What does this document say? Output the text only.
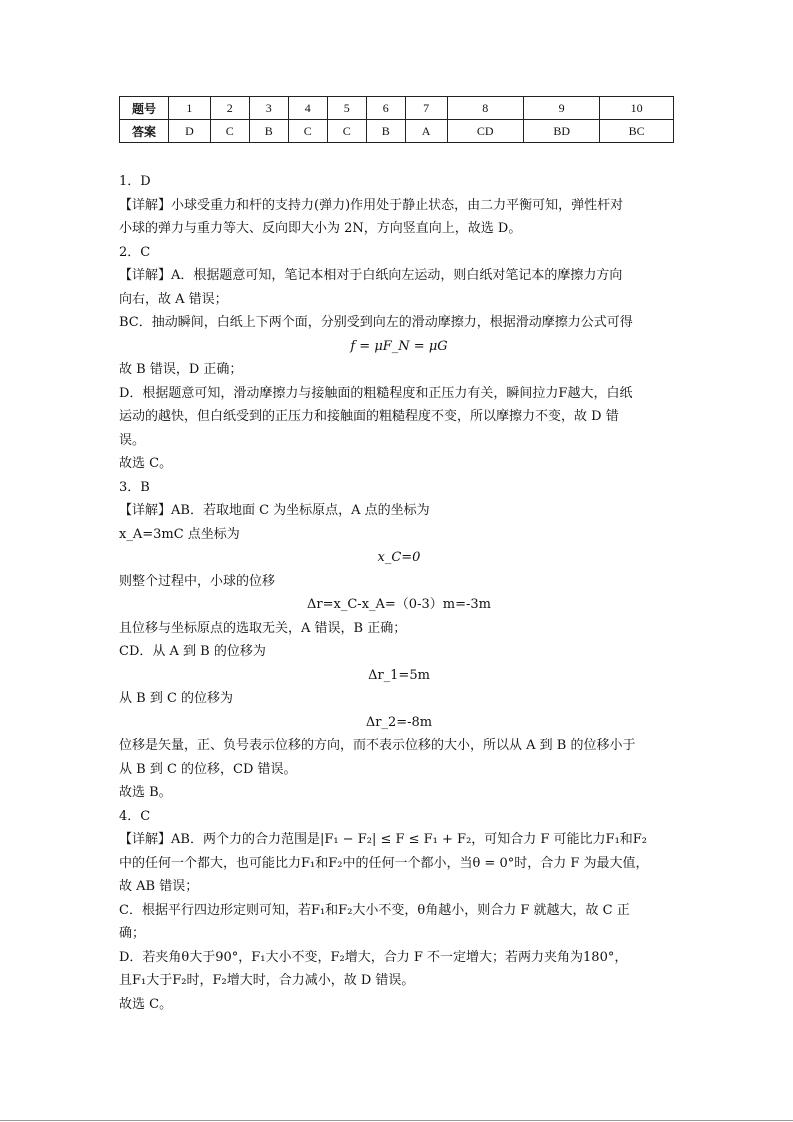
题号	1	2	3	4	5	6	7	8	9	10
答案	D	C	B	C	C	B	A	CD	BD	BC
1．D
【详解】小球受重力和杆的支持力(弹力)作用处于静止状态，由二力平衡可知，弹性杆对
小球的弹力与重力等大、反向即大小为 2N，方向竖直向上，故选 D。
2．C
【详解】A．根据题意可知，笔记本相对于白纸向左运动，则白纸对笔记本的摩擦力方向
向右，故 A 错误；
BC．抽动瞬间，白纸上下两个面，分别受到向左的滑动摩擦力，根据滑动摩擦力公式可得
f = μF_N = μG
故 B 错误，D 正确；
D．根据题意可知，滑动摩擦力与接触面的粗糙程度和正压力有关，瞬间拉力F越大，白纸
运动的越快，但白纸受到的正压力和接触面的粗糙程度不变，所以摩擦力不变，故 D 错
误。
故选 C。
3．B
【详解】AB．若取地面 C 为坐标原点，A 点的坐标为
x_A=3mC 点坐标为
x_C=0
则整个过程中，小球的位移
Δr=x_C-x_A=（0-3）m=-3m
且位移与坐标原点的选取无关，A 错误，B 正确；
CD．从 A 到 B 的位移为
Δr_1=5m
从 B 到 C 的位移为
Δr_2=-8m
位移是矢量，正、负号表示位移的方向，而不表示位移的大小，所以从 A 到 B 的位移小于
从 B 到 C 的位移，CD 错误。
故选 B。
4．C
【详解】AB．两个力的合力范围是|F₁ − F₂| ≤ F ≤ F₁ + F₂，可知合力 F 可能比力F₁和F₂
中的任何一个都大，也可能比力F₁和F₂中的任何一个都小，当θ = 0°时，合力 F 为最大值，
故 AB 错误；
C．根据平行四边形定则可知，若F₁和F₂大小不变，θ角越小，则合力 F 就越大，故 C 正
确；
D．若夹角θ大于90°，F₁大小不变，F₂增大，合力 F 不一定增大；若两力夹角为180°，
且F₁大于F₂时，F₂增大时，合力减小，故 D 错误。
故选 C。
